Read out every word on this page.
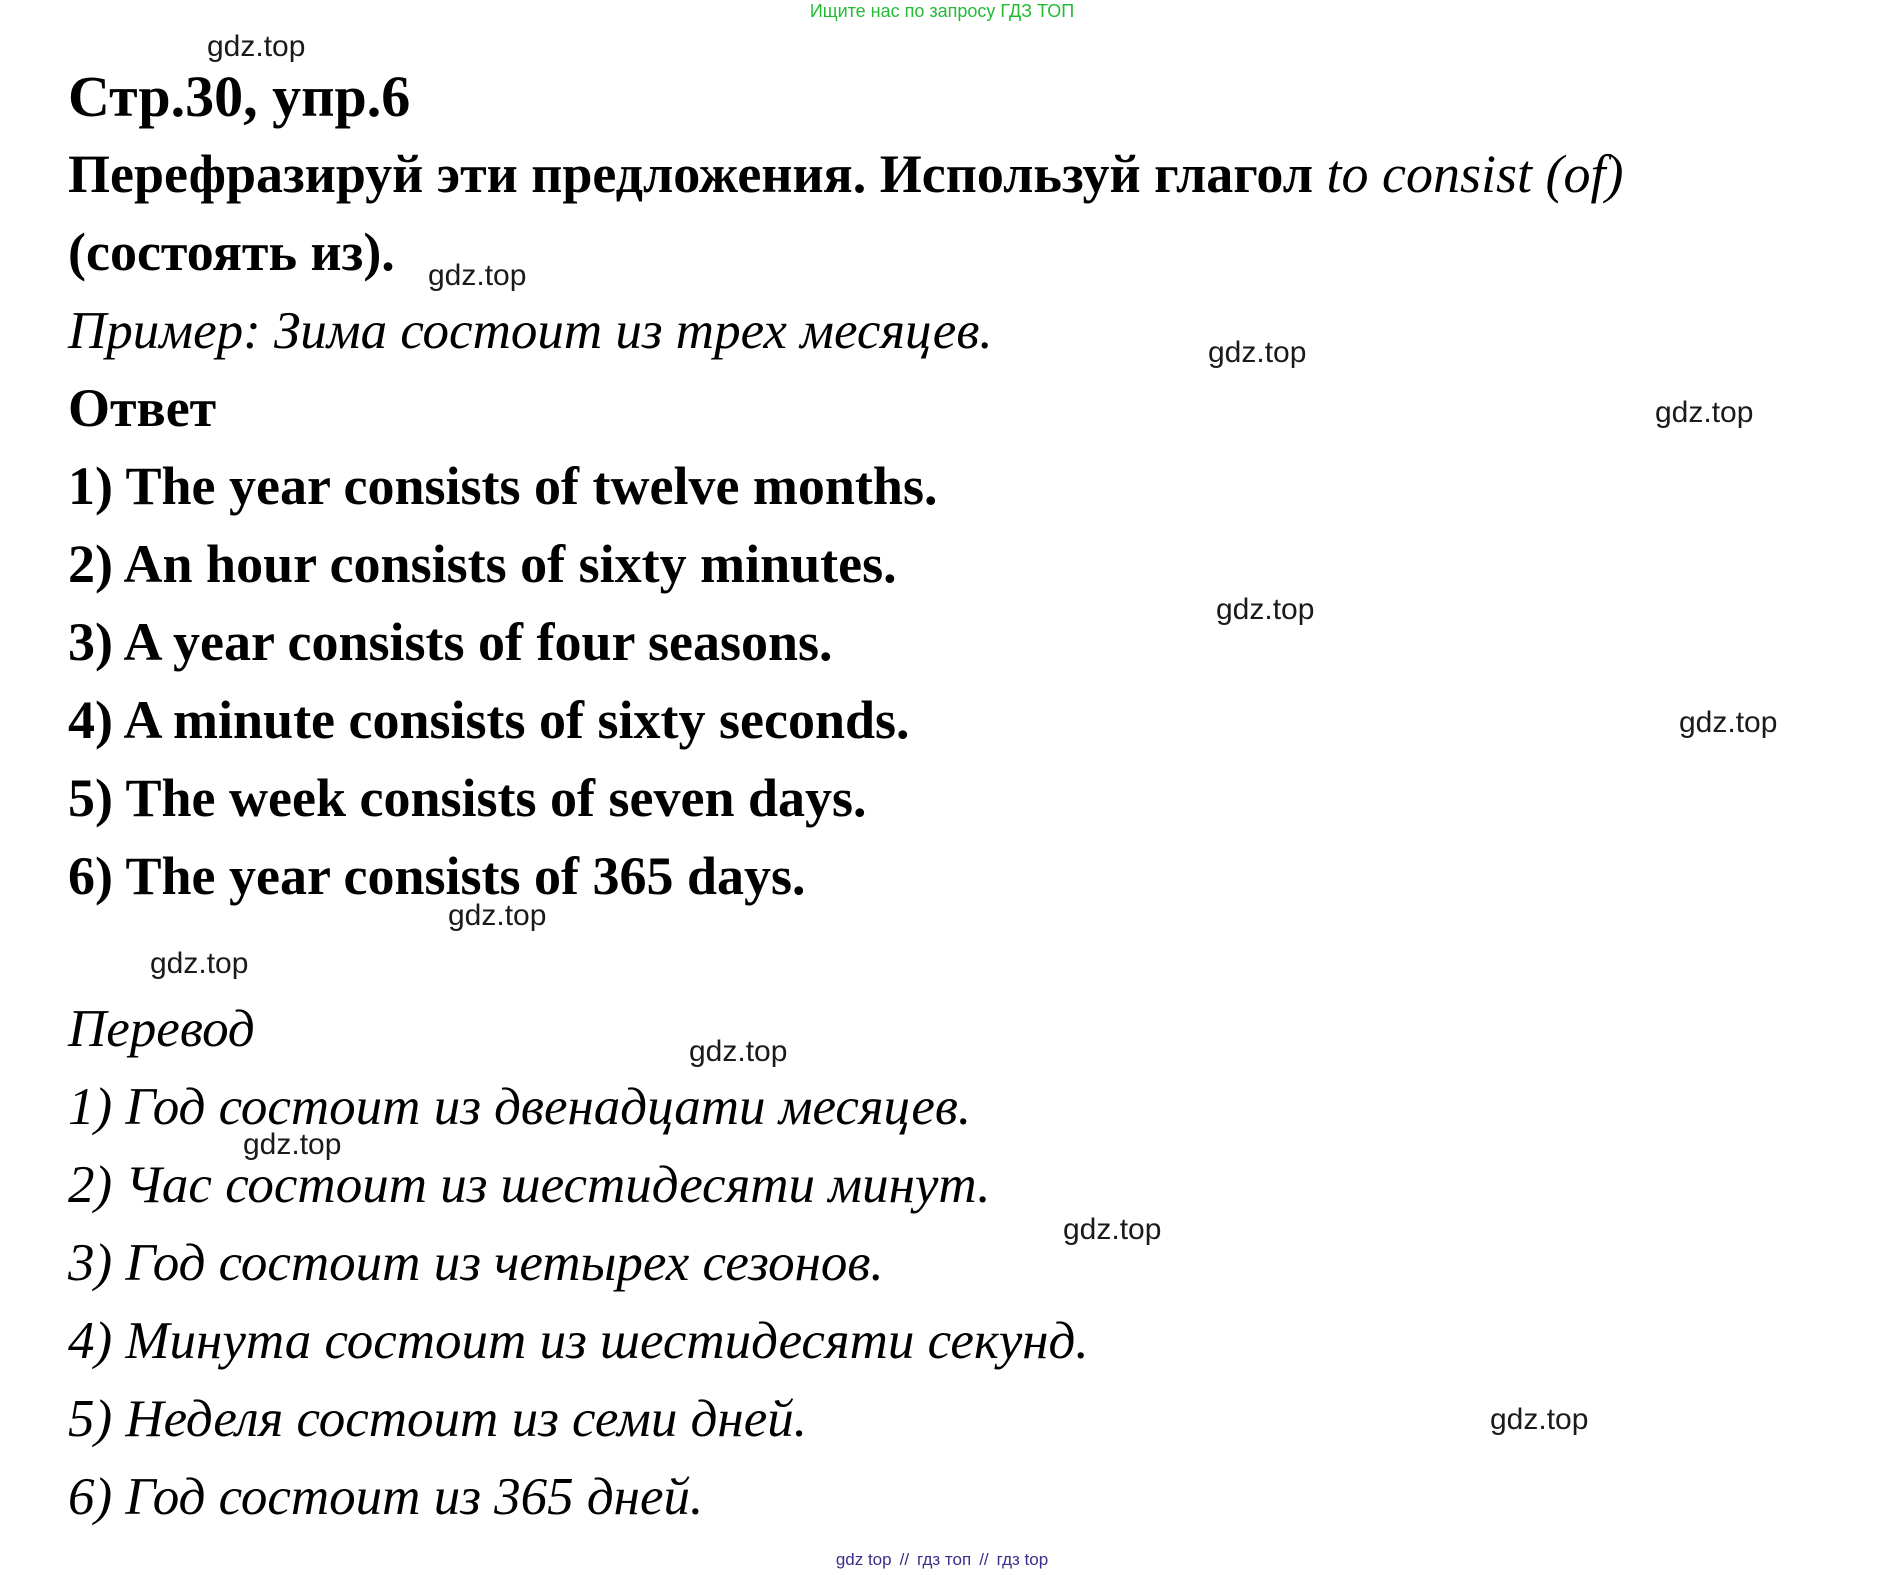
Ищите нас по запросу ГДЗ ТОП
Стр.30, упр.6
Перефразируй эти предложения. Используй глагол to consist (of)
(состоять из).
Пример: Зима состоит из трех месяцев.
Ответ
1) The year consists of twelve months.
2) An hour consists of sixty minutes.
3) A year consists of four seasons.
4) A minute consists of sixty seconds.
5) The week consists of seven days.
6) The year consists of 365 days.
Перевод
1) Год состоит из двенадцати месяцев.
2) Час состоит из шестидесяти минут.
3) Год состоит из четырех сезонов.
4) Минута состоит из шестидесяти секунд.
5) Неделя состоит из семи дней.
6) Год состоит из 365 дней.
gdz.top
gdz.top
gdz.top
gdz.top
gdz.top
gdz.top
gdz.top
gdz.top
gdz.top
gdz.top
gdz.top
gdz.top
gdz top // гдз топ // гдз top
